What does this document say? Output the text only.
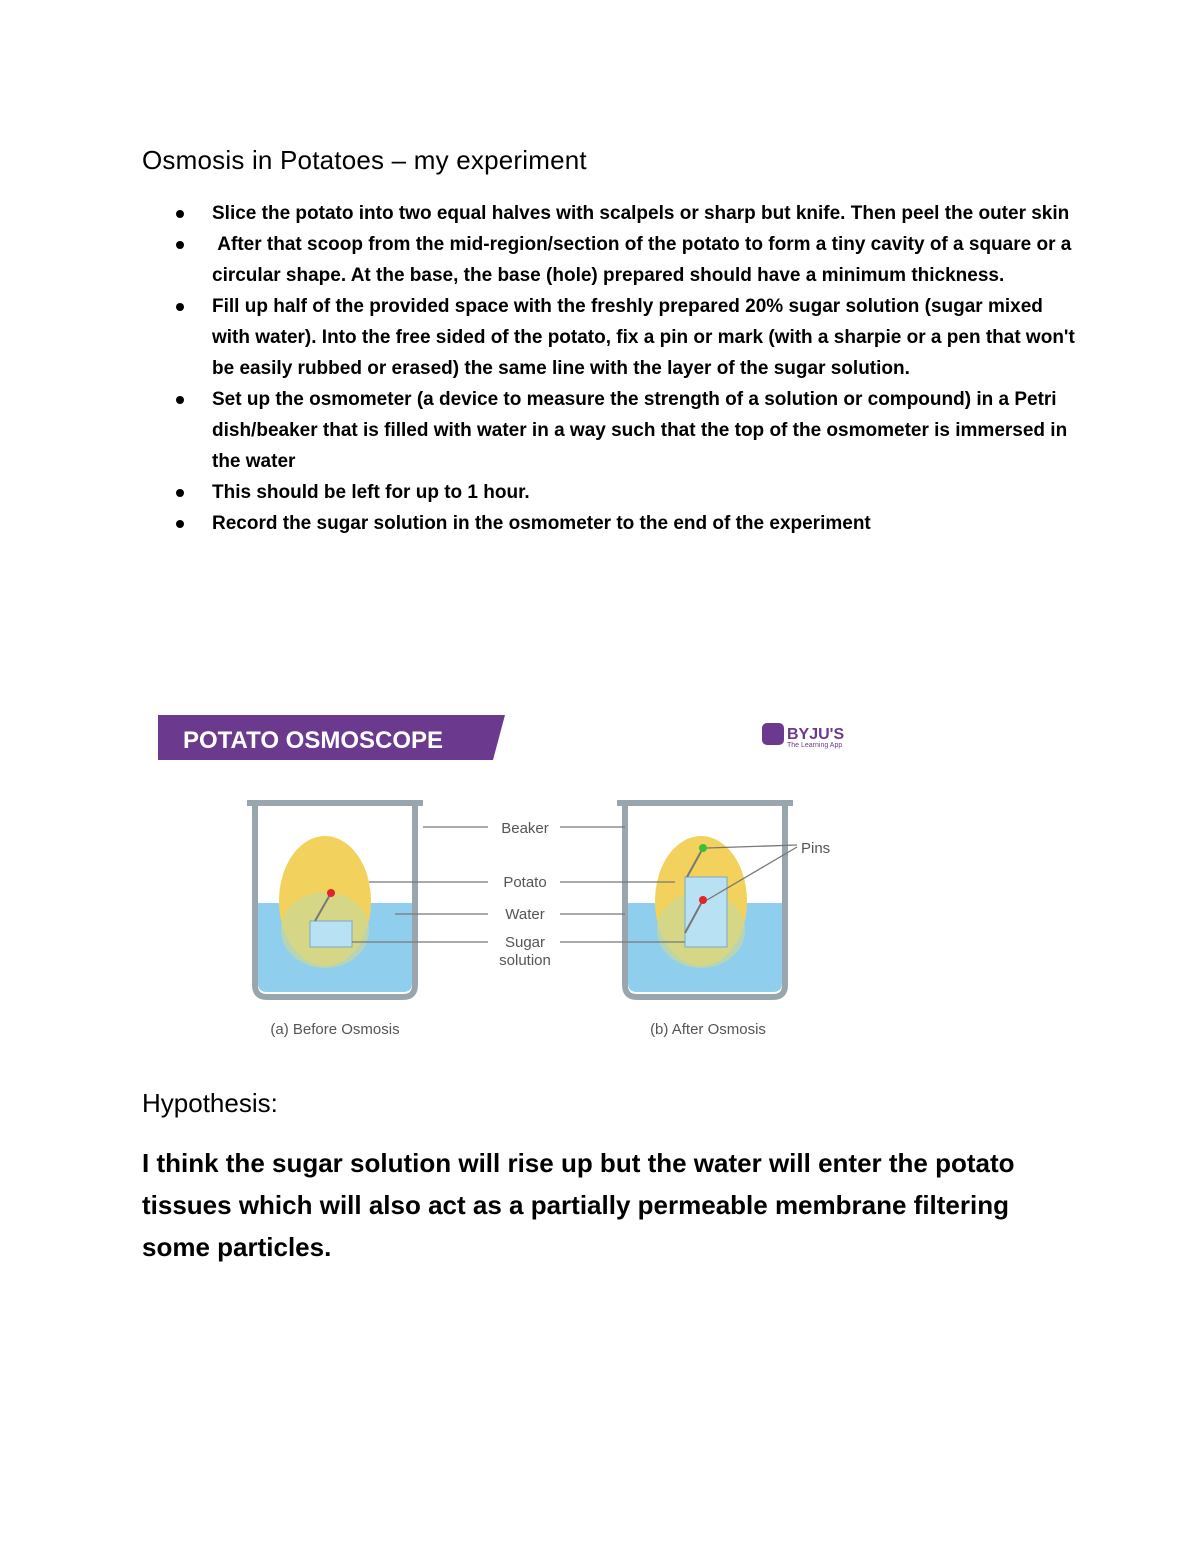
Osmosis in Potatoes – my experiment
Slice the potato into two equal halves with scalpels or sharp but knife. Then peel the outer skin
After that scoop from the mid-region/section of the potato to form a tiny cavity of a square or a circular shape. At the base, the base (hole) prepared should have a minimum thickness.
Fill up half of the provided space with the freshly prepared 20% sugar solution (sugar mixed with water). Into the free sided of the potato, fix a pin or mark (with a sharpie or a pen that won't be easily rubbed or erased) the same line with the layer of the sugar solution.
Set up the osmometer (a device to measure the strength of a solution or compound) in a Petri dish/beaker that is filled with water in a way such that the top of the osmometer is immersed in the water
This should be left for up to 1 hour.
Record the sugar solution in the osmometer to the end of the experiment
POTATO OSMOSCOPE	BYJU'S
The Learning App
Beaker
Potato
Water
Sugar
solution
Pins
(a) Before Osmosis	(b) After Osmosis
Hypothesis:

I think the sugar solution will rise up but the water will enter the potato tissues which will also act as a partially permeable membrane filtering some particles.
